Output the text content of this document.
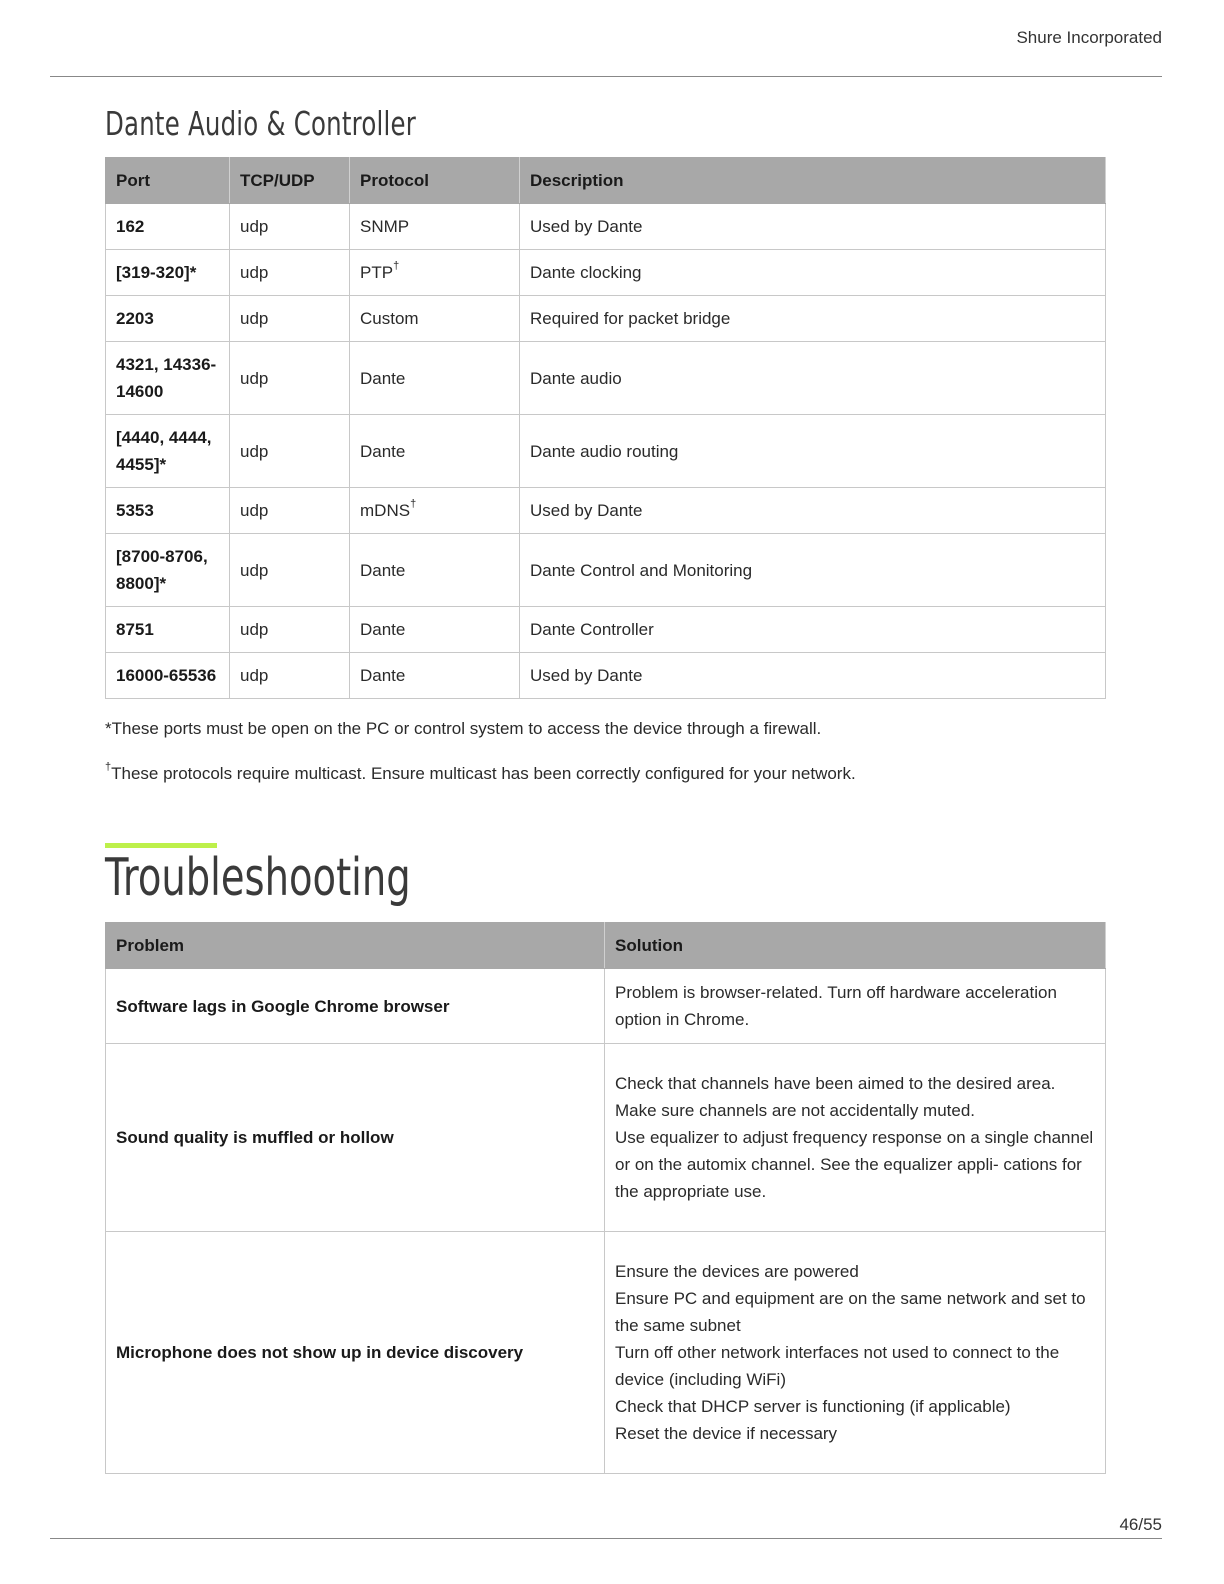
Shure Incorporated
Dante Audio & Controller
Port	TCP/UDP	Protocol	Description
162	udp	SNMP	Used by Dante
[319-320]*	udp	PTP†	Dante clocking
2203	udp	Custom	Required for packet bridge
4321, 14336-14600	udp	Dante	Dante audio
[4440, 4444, 4455]*	udp	Dante	Dante audio routing
5353	udp	mDNS†	Used by Dante
[8700-8706, 8800]*	udp	Dante	Dante Control and Monitoring
8751	udp	Dante	Dante Controller
16000-65536	udp	Dante	Used by Dante

*These ports must be open on the PC or control system to access the device through a firewall.

†These protocols require multicast. Ensure multicast has been correctly configured for your network.

Troubleshooting
Problem	Solution
Software lags in Google Chrome browser	Problem is browser-related. Turn off hardware acceleration option in Chrome.

Sound quality is muffled or hollow	Check that channels have been aimed to the desired area.
Make sure channels are not accidentally muted.
Use equalizer to adjust frequency response on a single channel or on the automix channel. See the equalizer appli- cations for the appropriate use.

Microphone does not show up in device discovery	Ensure the devices are powered
Ensure PC and equipment are on the same network and set to the same subnet
Turn off other network interfaces not used to connect to the device (including WiFi)
Check that DHCP server is functioning (if applicable)
Reset the device if necessary
46/55
